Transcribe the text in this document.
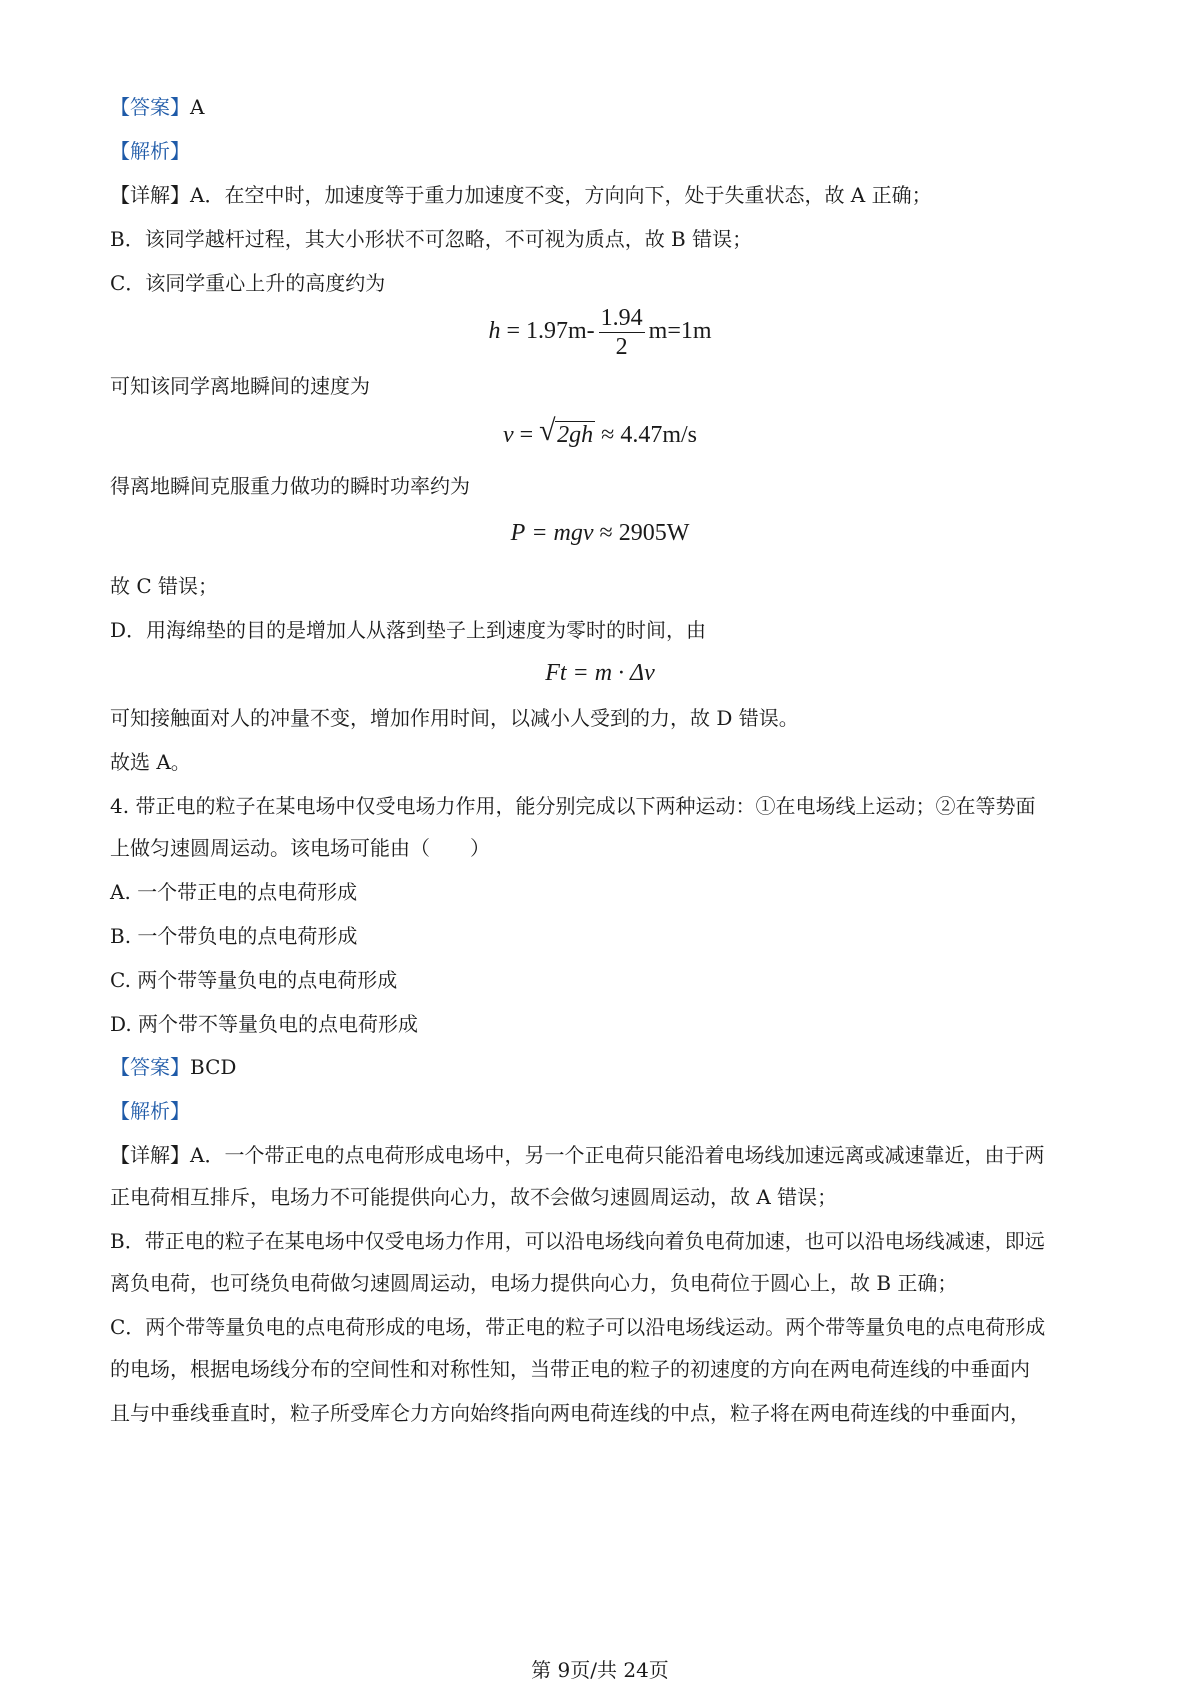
【答案】A
【解析】
【详解】A．在空中时，加速度等于重力加速度不变，方向向下，处于失重状态，故 A 正确；
B．该同学越杆过程，其大小形状不可忽略，不可视为质点，故 B 错误；
C．该同学重心上升的高度约为
$h = 1.97m- \frac{1.94}{2} m=1m$
可知该同学离地瞬间的速度为
v = √ 2gh ≈ 4.47m/s
得离地瞬间克服重力做功的瞬时功率约为
P = mgv ≈ 2905W
故 C 错误；
D．用海绵垫的目的是增加人从落到垫子上到速度为零时的时间，由
Ft = m · Δv
可知接触面对人的冲量不变，增加作用时间，以减小人受到的力，故 D 错误。
故选 A。
4. 带正电的粒子在某电场中仅受电场力作用，能分别完成以下两种运动：①在电场线上运动；②在等势面
上做匀速圆周运动。该电场可能由（　　）
A. 一个带正电的点电荷形成
B. 一个带负电的点电荷形成
C. 两个带等量负电的点电荷形成
D. 两个带不等量负电的点电荷形成
【答案】BCD
【解析】
【详解】A．一个带正电的点电荷形成电场中，另一个正电荷只能沿着电场线加速远离或减速靠近，由于两
正电荷相互排斥，电场力不可能提供向心力，故不会做匀速圆周运动，故 A 错误；
B．带正电的粒子在某电场中仅受电场力作用，可以沿电场线向着负电荷加速，也可以沿电场线减速，即远
离负电荷，也可绕负电荷做匀速圆周运动，电场力提供向心力，负电荷位于圆心上，故 B 正确；
C．两个带等量负电的点电荷形成的电场，带正电的粒子可以沿电场线运动。两个带等量负电的点电荷形成
的电场，根据电场线分布的空间性和对称性知，当带正电的粒子的初速度的方向在两电荷连线的中垂面内
且与中垂线垂直时，粒子所受库仑力方向始终指向两电荷连线的中点，粒子将在两电荷连线的中垂面内，
第 9页/共 24页
